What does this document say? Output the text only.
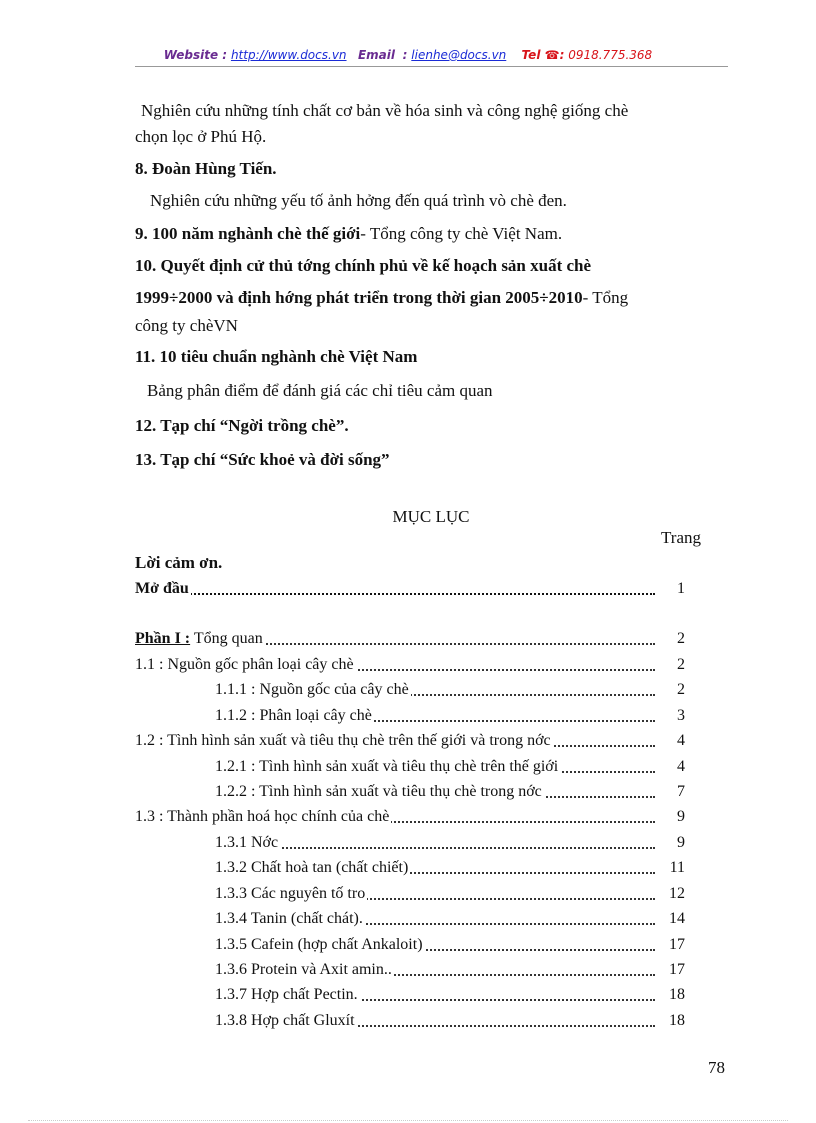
Website : http://www.docs.vn Email : lienhe@docs.vn Tel ☎: 0918.775.368
Nghiên cứu những tính chất cơ bản về hóa sinh và công nghệ giống chè
chọn lọc ở Phú Hộ.
8. Đoàn Hùng Tiến.
Nghiên cứu những yếu tố ảnh hởng đến quá trình vò chè đen.
9. 100 năm nghành chè thế giới- Tổng công ty chè Việt Nam.
10. Quyết định cử thủ tớng chính phủ về kế hoạch sản xuất chè
1999÷2000 và định hớng phát triển trong thời gian 2005÷2010- Tổng
công ty chèVN
11. 10 tiêu chuẩn nghành chè Việt Nam
Bảng phân điểm để đánh giá các chỉ tiêu cảm quan
12. Tạp chí “Ngời trồng chè”.
13. Tạp chí “Sức khoẻ và đời sống”
MỤC LỤC
Trang
Lời cảm ơn.
Mở đầu	1
Phần I : Tổng quan	2
1.1 : Nguồn gốc phân loại cây chè	2
1.1.1 : Nguồn gốc của cây chè	2
1.1.2 : Phân loại cây chè	3
1.2 : Tình hình sản xuất và tiêu thụ chè trên thế giới và trong nớc	4
1.2.1 : Tình hình sản xuất và tiêu thụ chè trên thế giới	4
1.2.2 : Tình hình sản xuất và tiêu thụ chè trong nớc	7
1.3 : Thành phần hoá học chính của chè	9
1.3.1 Nớc	9
1.3.2 Chất hoà tan (chất chiết)	11
1.3.3 Các nguyên tố tro	12
1.3.4 Tanin (chất chát).	14
1.3.5 Cafein (hợp chất Ankaloit)	17
1.3.6 Protein và Axit amin..	17
1.3.7 Hợp chất Pectin.	18
1.3.8 Hợp chất Gluxít	18
78
